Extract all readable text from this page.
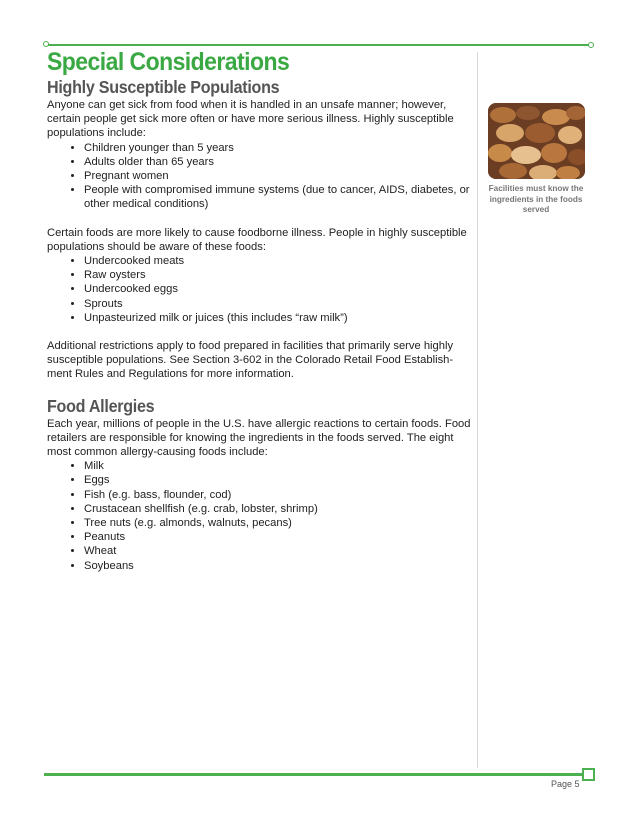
Special Considerations
Highly Susceptible Populations

Anyone can get sick from food when it is handled in an unsafe manner; however, certain people get sick more often or have more serious illness. Highly susceptible populations include:

• Children younger than 5 years
• Adults older than 65 years
• Pregnant women
• People with compromised immune systems (due to cancer, AIDS, diabetes, or other medical conditions)

Certain foods are more likely to cause foodborne illness. People in highly susceptible populations should be aware of these foods:

• Undercooked meats
• Raw oysters
• Undercooked eggs
• Sprouts
• Unpasteurized milk or juices (this includes “raw milk”)

Additional restrictions apply to food prepared in facilities that primarily serve highly susceptible populations. See Section 3-602 in the Colorado Retail Food Establish- ment Rules and Regulations for more information.

Food Allergies

Each year, millions of people in the U.S. have allergic reactions to certain foods. Food retailers are responsible for knowing the ingredients in the foods served. The eight most common allergy-causing foods include:

• Milk
• Eggs
• Fish (e.g. bass, flounder, cod)
• Crustacean shellfish (e.g. crab, lobster, shrimp)
• Tree nuts (e.g. almonds, walnuts, pecans)
• Peanuts
• Wheat
• Soybeans
Facilities must know the ingredients in the foods served
Page 5
